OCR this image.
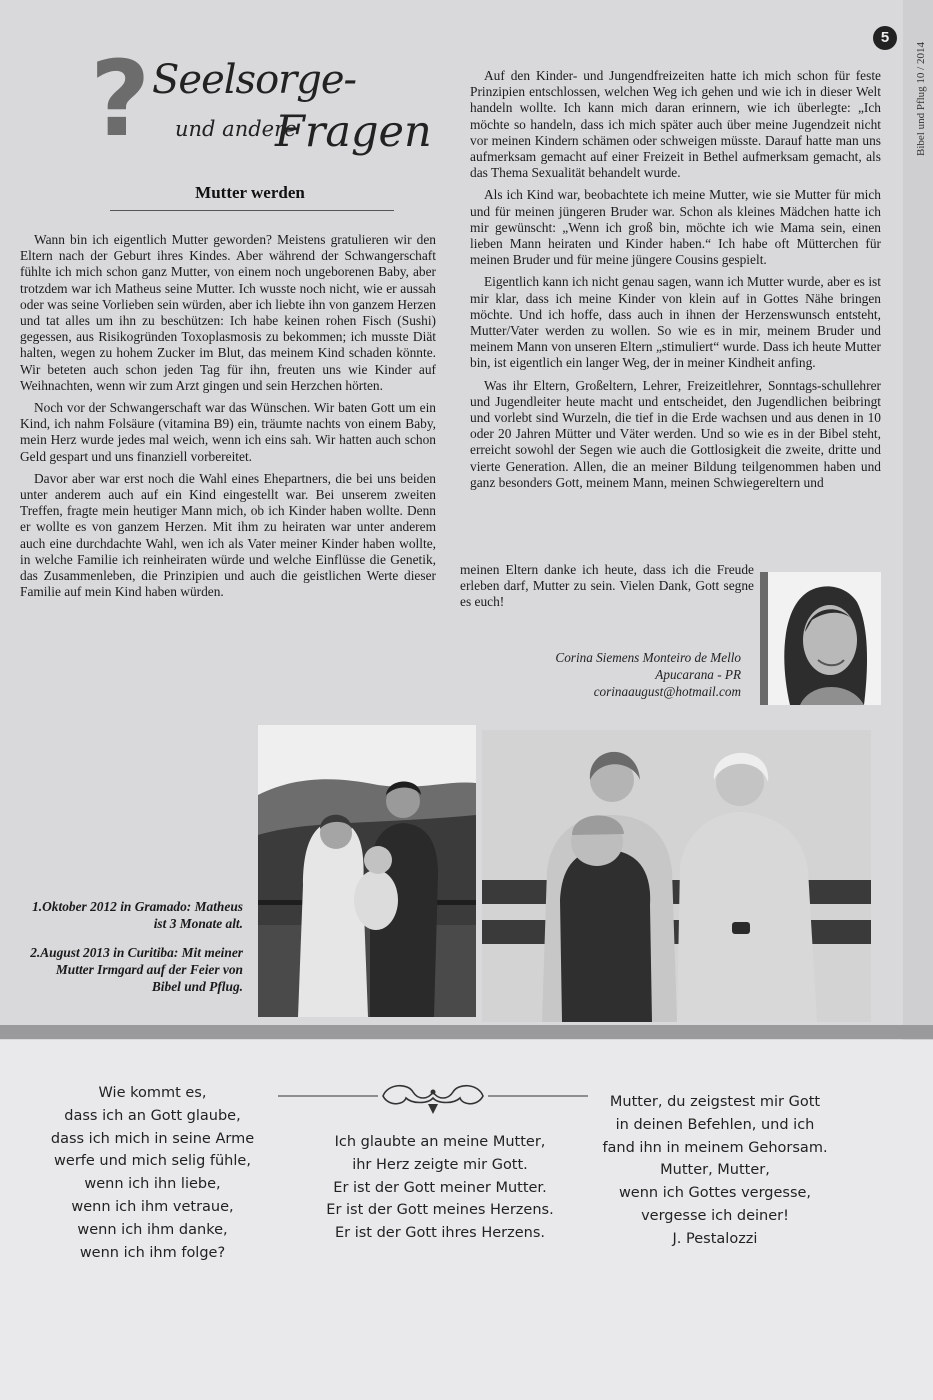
5
Bibel und Pflug 10 / 2014
? Seelsorge-
und andere
Fragen
Mutter werden

Wann bin ich eigentlich Mutter geworden? Meistens gratulieren wir den Eltern nach der Geburt ihres Kindes. Aber während der Schwangerschaft fühlte ich mich schon ganz Mutter, von einem noch ungeborenen Baby, aber trotzdem war ich Matheus seine Mutter. Ich wusste noch nicht, wie er aussah oder was seine Vorlieben sein würden, aber ich liebte ihn von ganzem Herzen und tat alles um ihn zu beschützen: Ich habe keinen rohen Fisch (Sushi) gegessen, aus Risikogründen Toxoplasmosis zu bekommen; ich musste Diät halten, wegen zu hohem Zucker im Blut, das meinem Kind schaden könnte. Wir beteten auch schon jeden Tag für ihn, freuten uns wie Kinder auf Weihnachten, wenn wir zum Arzt gingen und sein Herzchen hörten.

Noch vor der Schwangerschaft war das Wünschen. Wir baten Gott um ein Kind, ich nahm Folsäure (vitamina B9) ein, träumte nachts von einem Baby, mein Herz wurde jedes mal weich, wenn ich eins sah. Wir hatten auch schon Geld gespart und uns finanziell vorbereitet.

Davor aber war erst noch die Wahl eines Ehepartners, die bei uns beiden unter anderem auch auf ein Kind eingestellt war. Bei unserem zweiten Treffen, fragte mein heutiger Mann mich, ob ich Kinder haben wollte. Denn er wollte es von ganzem Herzen. Mit ihm zu heiraten war unter anderem auch eine durchdachte Wahl, wen ich als Vater meiner Kinder haben wollte, in welche Familie ich reinheiraten würde und welche Einflüsse die Genetik, das Zusammenleben, die Prinzipien und auch die geistlichen Werte dieser Familie auf mein Kind haben würden.

Auf den Kinder- und Jungendfreizeiten hatte ich mich schon für feste Prinzipien entschlossen, welchen Weg ich gehen und wie ich in dieser Welt handeln wollte. Ich kann mich daran erinnern, wie ich überlegte: „Ich möchte so handeln, dass ich mich später auch über meine Jugendzeit nicht vor meinen Kindern schämen oder schweigen müsste. Darauf hatte man uns aufmerksam gemacht auf einer Freizeit in Bethel aufmerksam gemacht, als das Thema Sexualität behandelt wurde.

Als ich Kind war, beobachtete ich meine Mutter, wie sie Mutter für mich und für meinen jüngeren Bruder war. Schon als kleines Mädchen hatte ich mir gewünscht: „Wenn ich groß bin, möchte ich wie Mama sein, einen lieben Mann heiraten und Kinder haben.“ Ich habe oft Mütterchen für meinen Bruder und für meine jüngere Cousins gespielt.

Eigentlich kann ich nicht genau sagen, wann ich Mutter wurde, aber es ist mir klar, dass ich meine Kinder von klein auf in Gottes Nähe bringen möchte. Und ich hoffe, dass auch in ihnen der Herzenswunsch entsteht, Mutter/Vater werden zu wollen. So wie es in mir, meinem Bruder und meinem Mann von unseren Eltern „stimuliert“ wurde. Dass ich heute Mutter bin, ist eigentlich ein langer Weg, der in meiner Kindheit anfing.

Was ihr Eltern, Großeltern, Lehrer, Freizeitlehrer, Sonntags-schullehrer und Jugendleiter heute macht und entscheidet, den Jugendlichen beibringt und vorlebt sind Wurzeln, die tief in die Erde wachsen und aus denen in 10 oder 20 Jahren Mütter und Väter werden. Und so wie es in der Bibel steht, erreicht sowohl der Segen wie auch die Gottlosigkeit die zweite, dritte und vierte Generation. Allen, die an meiner Bildung teilgenommen haben und ganz besonders Gott, meinem Mann, meinen Schwiegereltern und

meinen Eltern danke ich heute, dass ich die Freude erleben darf, Mutter zu sein. Vielen Dank, Gott segne es euch!

Corina Siemens Monteiro de Mello
Apucarana - PR
corinaaugust@hotmail.com

1.Oktober 2012 in Gramado: Matheus ist 3 Monate alt.

2.August 2013 in Curitiba: Mit meiner Mutter Irmgard auf der Feier von Bibel und Pflug.

Wie kommt es,
dass ich an Gott glaube,
dass ich mich in seine Arme
werfe und mich selig fühle,
wenn ich ihn liebe,
wenn ich ihm vetraue,
wenn ich ihm danke,
wenn ich ihm folge?
Ich glaubte an meine Mutter,
ihr Herz zeigte mir Gott.
Er ist der Gott meiner Mutter.
Er ist der Gott meines Herzens.
Er ist der Gott ihres Herzens.
Mutter, du zeigstest mir Gott
in deinen Befehlen, und ich
fand ihn in meinem Gehorsam.
Mutter, Mutter,
wenn ich Gottes vergesse,
vergesse ich deiner!
J. Pestalozzi
